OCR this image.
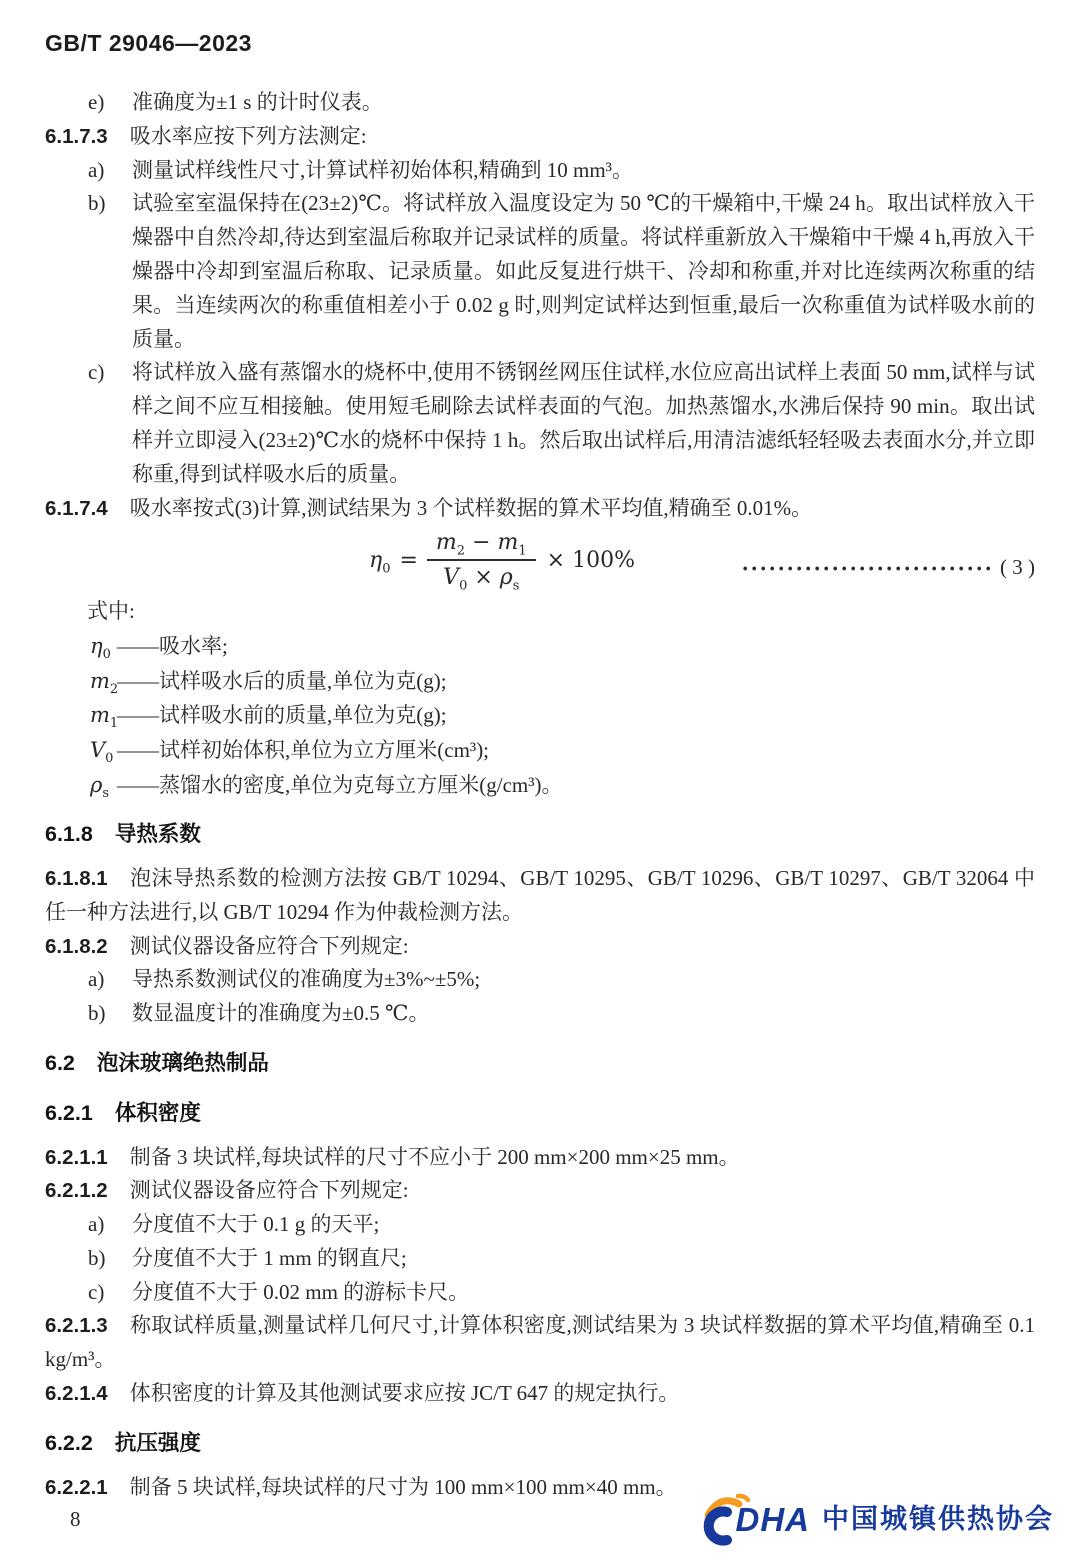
GB/T 29046—2023

e) 准确度为±1 s 的计时仪表。

6.1.7.3 吸水率应按下列方法测定:

a) 测量试样线性尺寸,计算试样初始体积,精确到 10 mm³。

b) 试验室室温保持在(23±2)℃。将试样放入温度设定为 50 ℃的干燥箱中,干燥 24 h。取出试样放入干燥器中自然冷却,待达到室温后称取并记录试样的质量。将试样重新放入干燥箱中干燥 4 h,再放入干燥器中冷却到室温后称取、记录质量。如此反复进行烘干、冷却和称重,并对比连续两次称重的结果。当连续两次的称重值相差小于 0.02 g 时,则判定试样达到恒重,最后一次称重值为试样吸水前的质量。

c) 将试样放入盛有蒸馏水的烧杯中,使用不锈钢丝网压住试样,水位应高出试样上表面 50 mm,试样与试样之间不应互相接触。使用短毛刷除去试样表面的气泡。加热蒸馏水,水沸后保持 90 min。取出试样并立即浸入(23±2)℃水的烧杯中保持 1 h。然后取出试样后,用清洁滤纸轻轻吸去表面水分,并立即称重,得到试样吸水后的质量。

6.1.7.4 吸水率按式(3)计算,测试结果为 3 个试样数据的算术平均值,精确至 0.01%。

$\eta_0 = \frac{m_2 - m_1}{V_0 \times \rho_s} \times 100\%$	( 3 )

式中:

$\eta_0$ —— 吸水率;
$m_2$
—— 试样吸水后的质量,单位为克(g);
$m_1$
—— 试样吸水前的质量,单位为克(g);
$V_0$ —— 试样初始体积,单位为立方厘米(cm³);
$\rho_s$ —— 蒸馏水的密度,单位为克每立方厘米(g/cm³)。

6.1.8 导热系数

6.1.8.1 泡沫导热系数的检测方法按 GB/T 10294、GB/T 10295、GB/T 10296、GB/T 10297、GB/T 32064 中任一种方法进行,以 GB/T 10294 作为仲裁检测方法。

6.1.8.2 测试仪器设备应符合下列规定:

a) 导热系数测试仪的准确度为±3%~±5%;

b) 数显温度计的准确度为±0.5 ℃。

6.2 泡沫玻璃绝热制品

6.2.1 体积密度

6.2.1.1 制备 3 块试样,每块试样的尺寸不应小于 200 mm×200 mm×25 mm。

6.2.1.2 测试仪器设备应符合下列规定:

a) 分度值不大于 0.1 g 的天平;

b) 分度值不大于 1 mm 的钢直尺;

c) 分度值不大于 0.02 mm 的游标卡尺。

6.2.1.3 称取试样质量,测量试样几何尺寸,计算体积密度,测试结果为 3 块试样数据的算术平均值,精确至 0.1 kg/m³。

6.2.1.4 体积密度的计算及其他测试要求应按 JC/T 647 的规定执行。

6.2.2 抗压强度

6.2.2.1 制备 5 块试样,每块试样的尺寸为 100 mm×100 mm×40 mm。

8	DHA 中国城镇供热协会
